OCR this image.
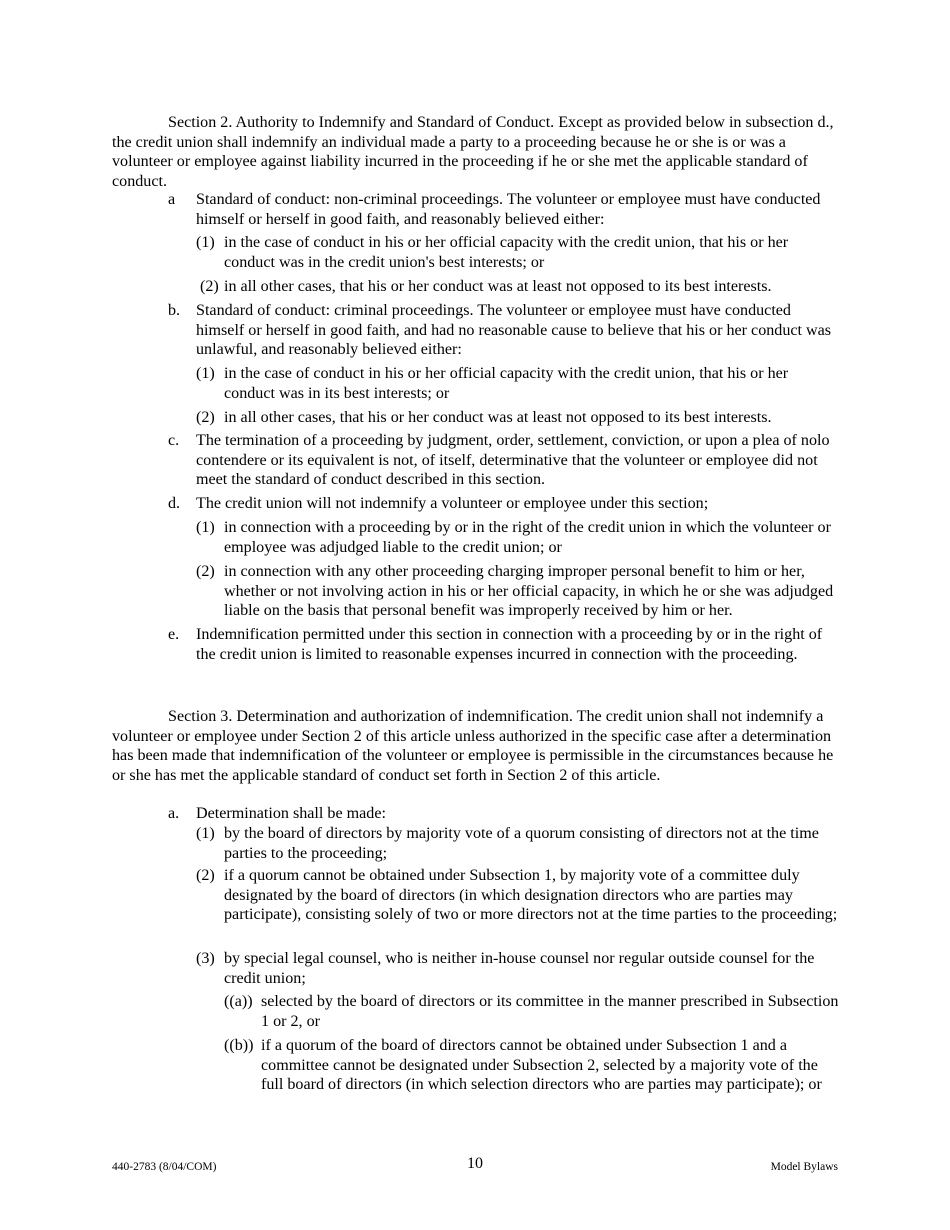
Section 2. Authority to Indemnify and Standard of Conduct. Except as provided below in subsection d., the credit union shall indemnify an individual made a party to a proceeding because he or she is or was a volunteer or employee against liability incurred in the proceeding if he or she met the applicable standard of conduct.
a Standard of conduct: non-criminal proceedings. The volunteer or employee must have conducted himself or herself in good faith, and reasonably believed either:
(1) in the case of conduct in his or her official capacity with the credit union, that his or her conduct was in the credit union's best interests; or
(2) in all other cases, that his or her conduct was at least not opposed to its best interests.
b. Standard of conduct: criminal proceedings. The volunteer or employee must have conducted himself or herself in good faith, and had no reasonable cause to believe that his or her conduct was unlawful, and reasonably believed either:
(1) in the case of conduct in his or her official capacity with the credit union, that his or her conduct was in its best interests; or
(2) in all other cases, that his or her conduct was at least not opposed to its best interests.
c. The termination of a proceeding by judgment, order, settlement, conviction, or upon a plea of nolo contendere or its equivalent is not, of itself, determinative that the volunteer or employee did not meet the standard of conduct described in this section.
d. The credit union will not indemnify a volunteer or employee under this section;
(1) in connection with a proceeding by or in the right of the credit union in which the volunteer or employee was adjudged liable to the credit union; or
(2) in connection with any other proceeding charging improper personal benefit to him or her, whether or not involving action in his or her official capacity, in which he or she was adjudged liable on the basis that personal benefit was improperly received by him or her.
e. Indemnification permitted under this section in connection with a proceeding by or in the right of the credit union is limited to reasonable expenses incurred in connection with the proceeding.
Section 3. Determination and authorization of indemnification. The credit union shall not indemnify a volunteer or employee under Section 2 of this article unless authorized in the specific case after a determination has been made that indemnification of the volunteer or employee is permissible in the circumstances because he or she has met the applicable standard of conduct set forth in Section 2 of this article.
a. Determination shall be made:
(1) by the board of directors by majority vote of a quorum consisting of directors not at the time parties to the proceeding;
(2) if a quorum cannot be obtained under Subsection 1, by majority vote of a committee duly designated by the board of directors (in which designation directors who are parties may participate), consisting solely of two or more directors not at the time parties to the proceeding;
(3) by special legal counsel, who is neither in-house counsel nor regular outside counsel for the credit union;
((a)) selected by the board of directors or its committee in the manner prescribed in Subsection 1 or 2, or
((b)) if a quorum of the board of directors cannot be obtained under Subsection 1 and a committee cannot be designated under Subsection 2, selected by a majority vote of the full board of directors (in which selection directors who are parties may participate); or
440-2783 (8/04/COM)	10	Model Bylaws
